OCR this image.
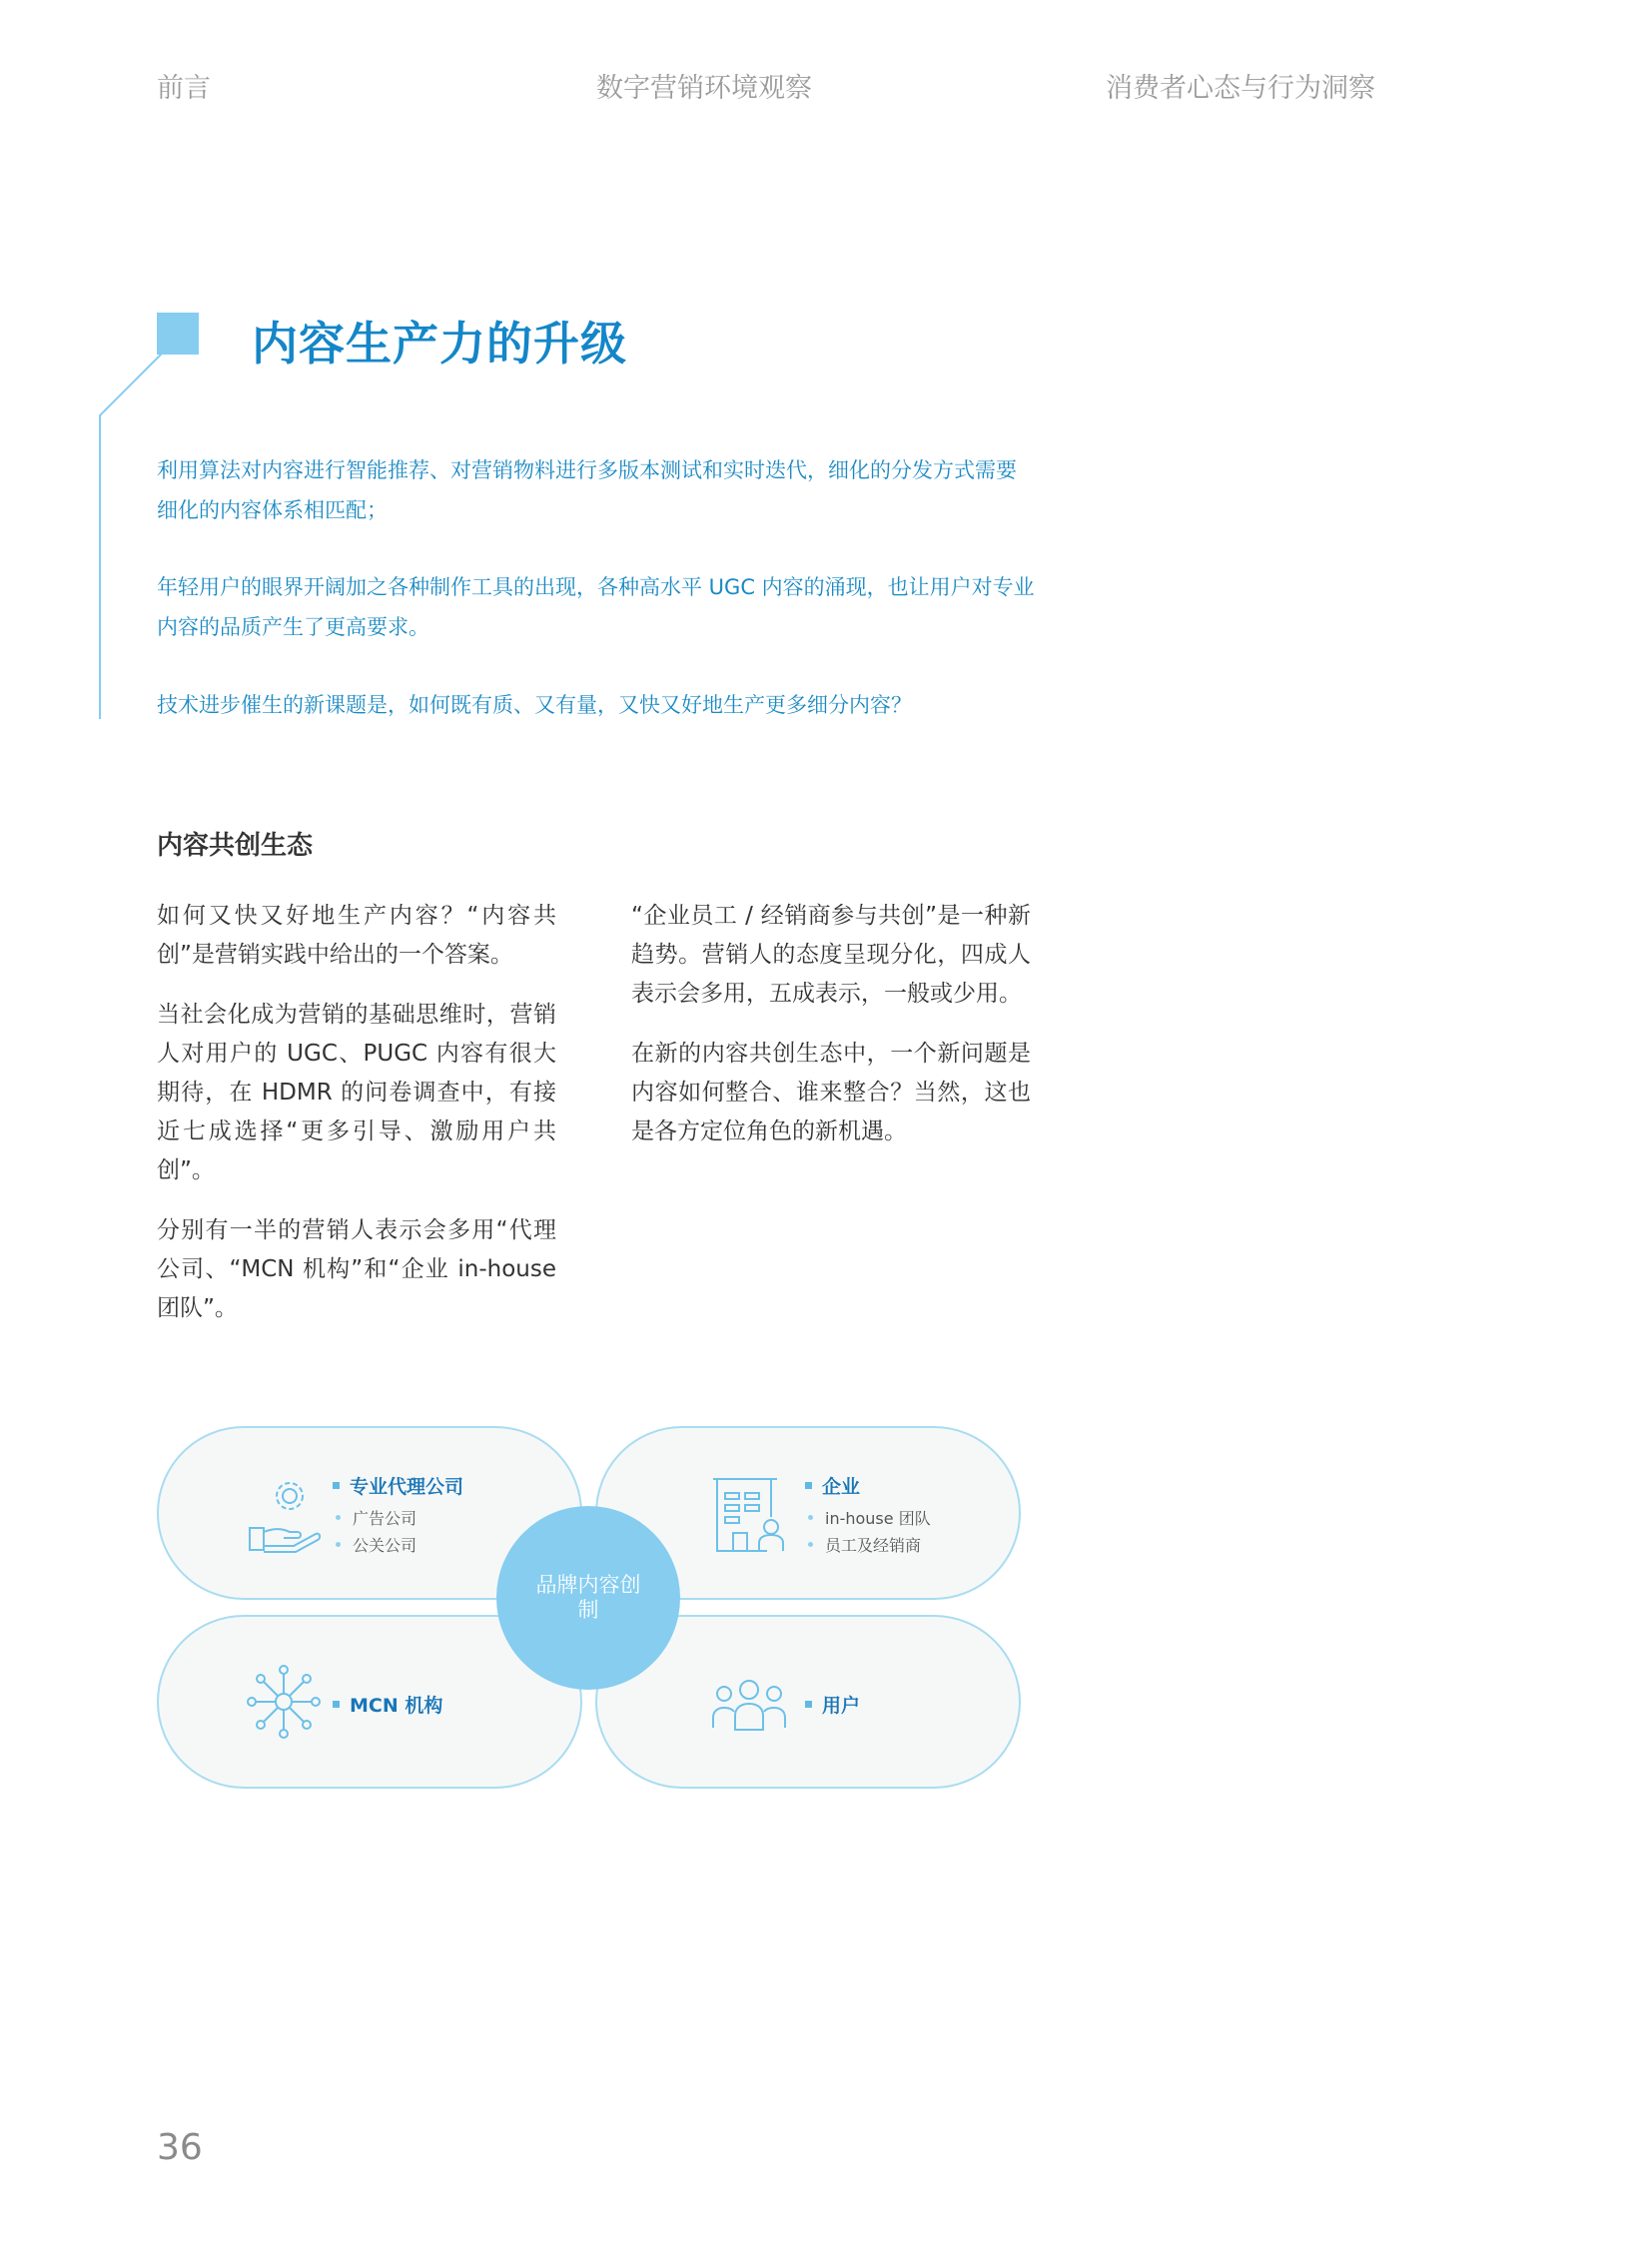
前言	数字营销环境观察	消费者心态与行为洞察
内容生产力的升级
利用算法对内容进行智能推荐、对营销物料进行多版本测试和实时迭代，细化的分发方式需要细化的内容体系相匹配；
年轻用户的眼界开阔加之各种制作工具的出现，各种高水平 UGC 内容的涌现，也让用户对专业内容的品质产生了更高要求。
技术进步催生的新课题是，如何既有质、又有量，又快又好地生产更多细分内容？
内容共创生态

如何又快又好地生产内容？“内容共创”是营销实践中给出的一个答案。

当社会化成为营销的基础思维时，营销人对用户的 UGC、PUGC 内容有很大期待，在 HDMR 的问卷调查中，有接近七成选择“更多引导、激励用户共创”。

分别有一半的营销人表示会多用“代理公司、“MCN 机构”和“企业 in-house 团队”。

“企业员工 / 经销商参与共创”是一种新趋势。营销人的态度呈现分化，四成人表示会多用，五成表示，一般或少用。

在新的内容共创生态中，一个新问题是内容如何整合、谁来整合？当然，这也是各方定位角色的新机遇。

专业代理公司
广告公司
公关公司
企业
in-house 团队
员工及经销商
品牌内容创制
MCN 机构	用户
36
